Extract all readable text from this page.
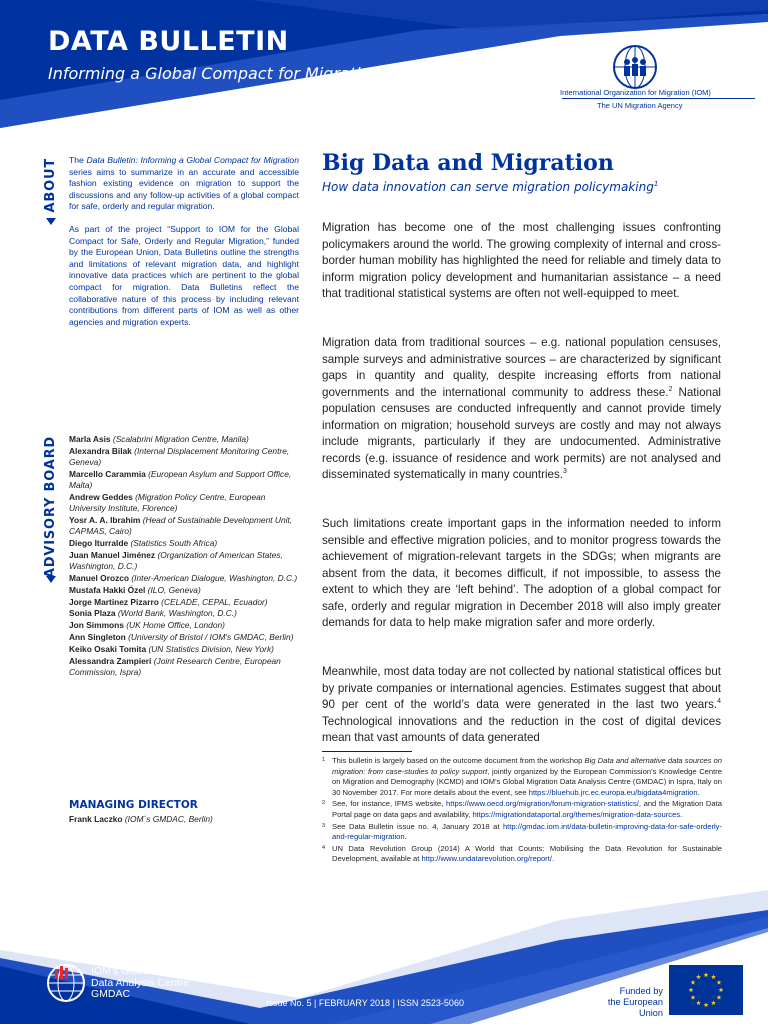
DATA BULLETIN
Informing a Global Compact for Migration
International Organization for Migration (IOM)
The UN Migration Agency
ABOUT The Data Bulletin: Informing a Global Compact for Migration series aims to summarize in an accurate and accessible fashion existing evidence on migration to support the discussions and any follow-up activities of a global compact for safe, orderly and regular migration.

As part of the project “Support to IOM for the Global Compact for Safe, Orderly and Regular Migration,” funded by the European Union, Data Bulletins outline the strengths and limitations of relevant migration data, and highlight innovative data practices which are pertinent to the global compact for migration. Data Bulletins reflect the collaborative nature of this process by including relevant contributions from different parts of IOM as well as other agencies and migration experts.

ADVISORY BOARD Marla Asis (Scalabrini Migration Centre, Manila)
Alexandra Bilak (Internal Displacement Monitoring Centre, Geneva)
Marcello Carammia (European Asylum and Support Office, Malta)
Andrew Geddes (Migration Policy Centre, European University Institute, Florence)
Yosr A. A. Ibrahim (Head of Sustainable Development Unit, CAPMAS, Cairo)
Diego Iturralde (Statistics South Africa)
Juan Manuel Jiménez (Organization of American States, Washington, D.C.)
Manuel Orozco (Inter-American Dialogue, Washington, D.C.)
Mustafa Hakki Özel (ILO, Geneva)
Jorge Martinez Pizarro (CELADE, CEPAL, Ecuador)
Sonia Plaza (World Bank, Washington, D.C.)
Jon Simmons (UK Home Office, London)
Ann Singleton (University of Bristol / IOM's GMDAC, Berlin)
Keiko Osaki Tomita (UN Statistics Division, New York)
Alessandra Zampieri (Joint Research Centre, European Commission, Ispra)
MANAGING DIRECTOR
Frank Laczko (IOM´s GMDAC, Berlin)
Big Data and Migration
How data innovation can serve migration policymaking$^1$
Migration has become one of the most challenging issues confronting policymakers around the world. The growing complexity of internal and cross-border human mobility has highlighted the need for reliable and timely data to inform migration policy development and humanitarian assistance – a need that traditional statistical systems are often not well-equipped to meet.
Migration data from traditional sources – e.g. national population censuses, sample surveys and administrative sources – are characterized by significant gaps in quantity and quality, despite increasing efforts from national governments and the international community to address these.$^2$ National population censuses are conducted infrequently and cannot provide timely information on migration; household surveys are costly and may not always include migrants, particularly if they are undocumented. Administrative records (e.g. issuance of residence and work permits) are not analysed and disseminated systematically in many countries.$^3$
Such limitations create important gaps in the information needed to inform sensible and effective migration policies, and to monitor progress towards the achievement of migration-relevant targets in the SDGs; when migrants are absent from the data, it becomes difficult, if not impossible, to assess the extent to which they are ‘left behind’. The adoption of a global compact for safe, orderly and regular migration in December 2018 will also imply greater demands for data to help make migration safer and more orderly.
Meanwhile, most data today are not collected by national statistical offices but by private companies or international agencies. Estimates suggest that about 90 per cent of the world’s data were generated in the last two years.$^4$ Technological innovations and the reduction in the cost of digital devices mean that vast amounts of data generated
1 This bulletin is largely based on the outcome document from the workshop Big Data and alternative data sources on migration: from case-studies to policy support, jointly organized by the European Commission’s Knowledge Centre on Migration and Demography (KCMD) and IOM’s Global Migration Data Analysis Centre (GMDAC) in Ispra, Italy on 30 November 2017. For more details about the event, see https://bluehub.jrc.ec.europa.eu/bigdata4migration.
2 See, for instance, IFMS website, https://www.oecd.org/migration/forum-migration-statistics/, and the Migration Data Portal page on data gaps and availability, https://migrationdataportal.org/themes/migration-data-sources.
3 See Data Bulletin issue no. 4, January 2018 at http://gmdac.iom.int/data-bulletin-improving-data-for-safe-orderly-and-regular-migration.
4 UN Data Revolution Group (2014) A World that Counts: Mobilising the Data Revolution for Sustainable Development, available at http://www.undatarevolution.org/report/.
IOM’s Global Migration
Data Analysis Centre
GMDAC
Issue No. 5 | FEBRUARY 2018 | ISSN 2523-5060
Funded by the European Union
